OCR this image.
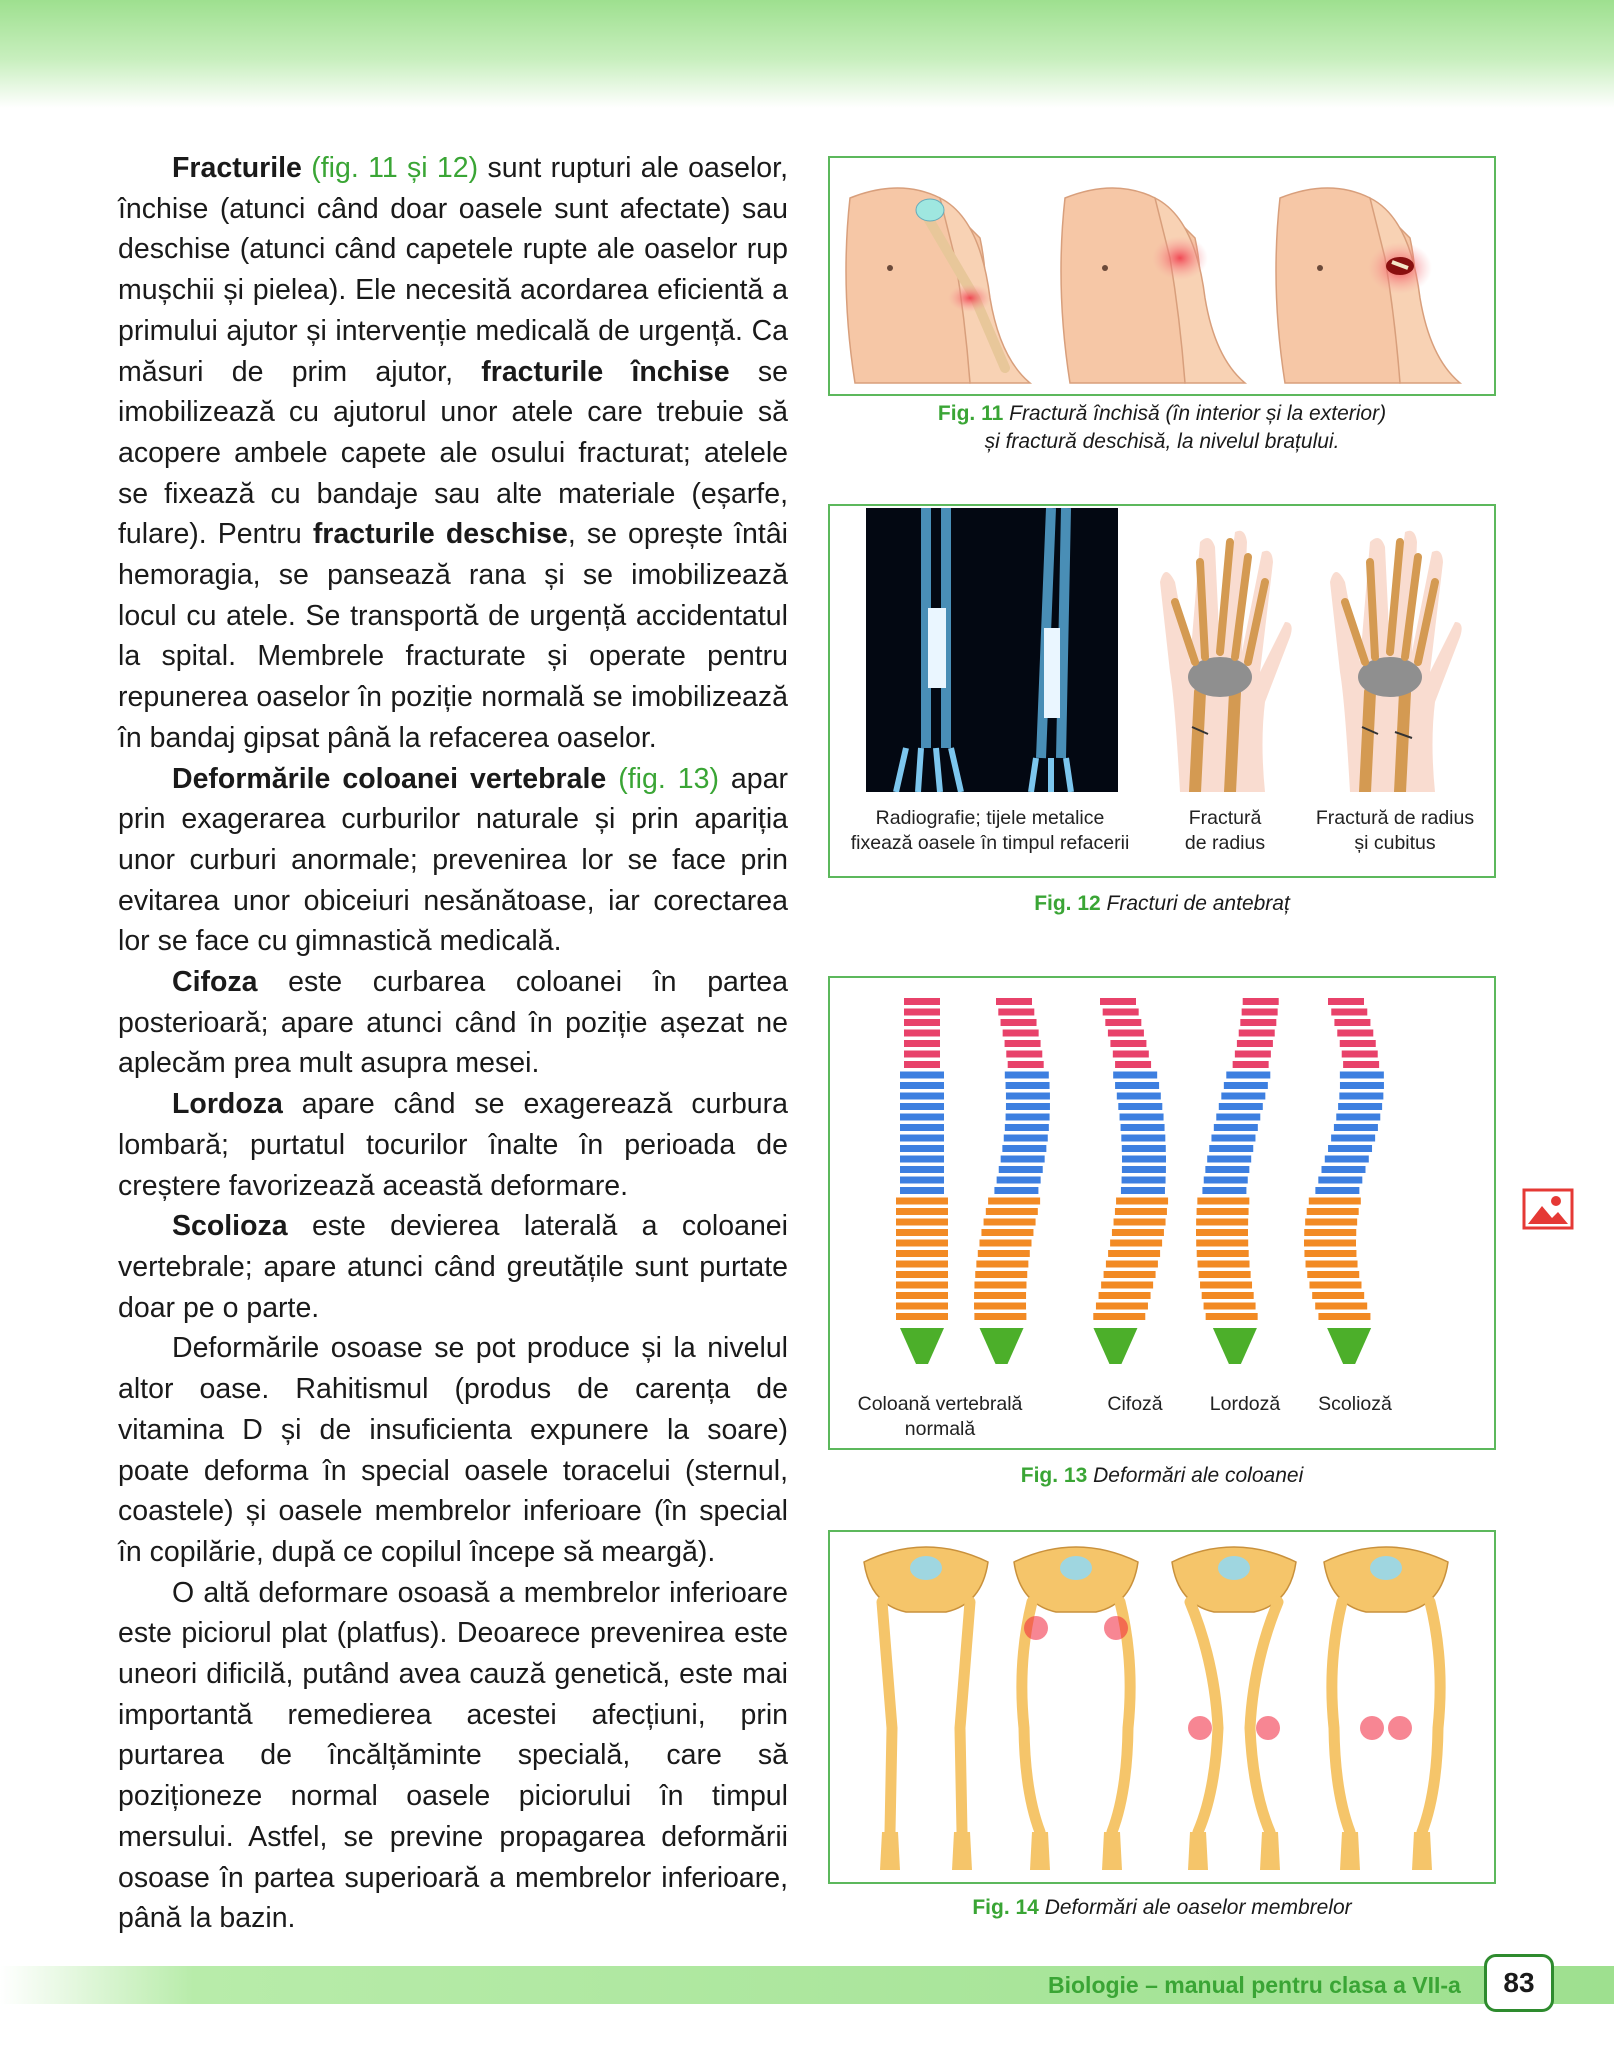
Fracturile (fig. 11 și 12) sunt rupturi ale oaselor, închise (atunci când doar oasele sunt afectate) sau deschise (atunci când capetele rupte ale oaselor rup mușchii și pielea). Ele necesită acordarea eficientă a primului ajutor și intervenție medicală de urgență. Ca măsuri de prim ajutor, fracturile închise se imobilizează cu ajutorul unor atele care trebuie să acopere ambele capete ale osului fracturat; atelele se fixează cu bandaje sau alte materiale (eșarfe, fulare). Pentru fracturile deschise, se oprește întâi hemoragia, se pansează rana și se imobilizează locul cu atele. Se transportă de urgență accidentatul la spital. Membrele fracturate și operate pentru repunerea oaselor în poziție normală se imobilizează în bandaj gipsat până la refacerea oaselor.

Deformările coloanei vertebrale (fig. 13) apar prin exagerarea curburilor naturale și prin apariția unor curburi anormale; prevenirea lor se face prin evitarea unor obiceiuri nesănătoase, iar corectarea lor se face cu gimnastică medicală.

Cifoza este curbarea coloanei în partea posterioară; apare atunci când în poziție așezat ne aplecăm prea mult asupra mesei.

Lordoza apare când se exagerează curbura lombară; purtatul tocurilor înalte în perioada de creștere favorizează această deformare.

Scolioza este devierea laterală a coloanei vertebrale; apare atunci când greutățile sunt purtate doar pe o parte.

Deformările osoase se pot produce și la nivelul altor oase. Rahitismul (produs de carența de vitamina D și de insuficienta expunere la soare) poate deforma în special oasele toracelui (sternul, coastele) și oasele membrelor inferioare (în special în copilărie, după ce copilul începe să meargă).

O altă deformare osoasă a membrelor inferioare este piciorul plat (platfus). Deoarece prevenirea este uneori dificilă, putând avea cauză genetică, este mai importantă remedierea acestei afecțiuni, prin purtarea de încălțăminte specială, care să poziționeze normal oasele piciorului în timpul mersului. Astfel, se previne propagarea deformării osoase în partea superioară a membrelor inferioare, până la bazin.

Fig. 11 Fractură închisă (în interior și la exterior)
și fractură deschisă, la nivelul brațului.
Radiografie; tijele metalice
fixează oasele în timpul refacerii
Fractură
de radius
Fractură de radius
și cubitus
Fig. 12 Fracturi de antebraț
Coloană vertebrală
normală
Cifoză	Lordoză	Scolioză
Fig. 13 Deformări ale coloanei
Fig. 14 Deformări ale oaselor membrelor
Biologie – manual pentru clasa a VII-a	83
